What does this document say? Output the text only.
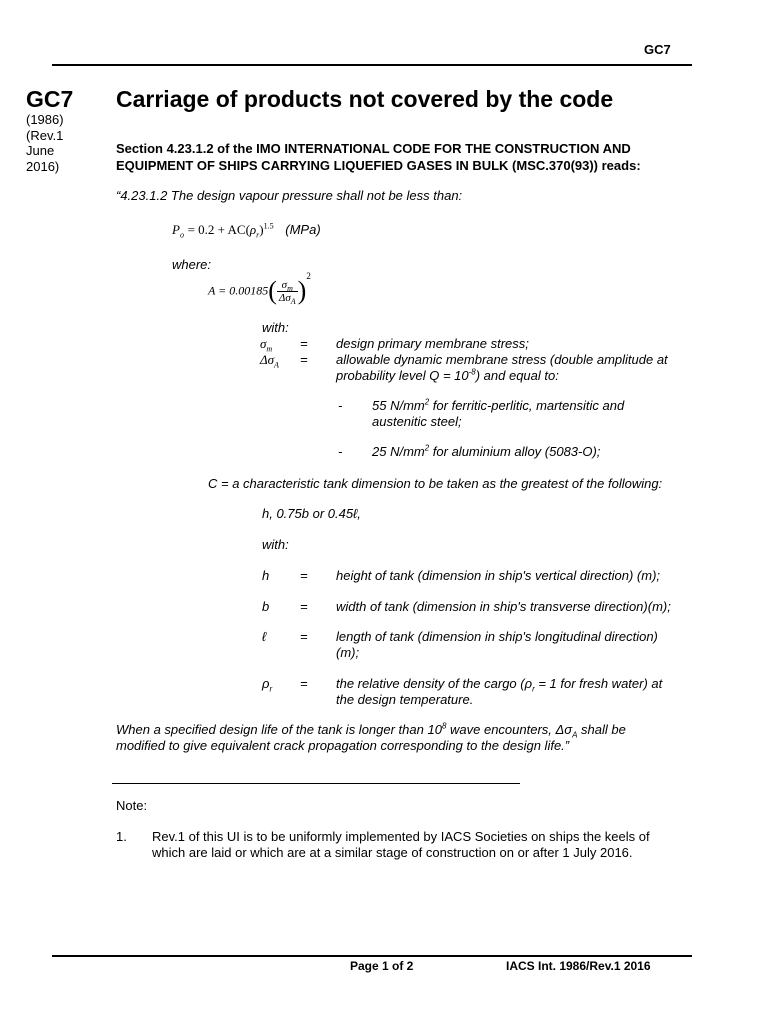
GC7
GC7
(1986)
(Rev.1
June
2016)
Carriage of products not covered by the code
Section 4.23.1.2 of the IMO INTERNATIONAL CODE FOR THE CONSTRUCTION AND EQUIPMENT OF SHIPS CARRYING LIQUEFIED GASES IN BULK (MSC.370(93)) reads:
“4.23.1.2 The design vapour pressure shall not be less than:
$P_o = 0.2 + AC(\rho_r)^{1.5}$ (MPa)
where:
$A = 0.00185( \frac{\sigma_m}{\Delta\sigma_A} )^2$
with:
$\sigma_m$ = design primary membrane stress;
$\Delta\sigma_A$ = allowable dynamic membrane stress (double amplitude at
probability level $Q = 10^{-8}$) and equal to:
- 55 $N/mm^2$ for ferritic-perlitic, martensitic and
austenitic steel;
- 25 $N/mm^2$ for aluminium alloy (5083-O);
C = a characteristic tank dimension to be taken as the greatest of the following:
h, 0.75b or 0.45ℓ,
with:
h = height of tank (dimension in ship's vertical direction) (m);
b = width of tank (dimension in ship's transverse direction)(m);
ℓ	= length of tank (dimension in ship's longitudinal direction)
(m);
$\rho_r$ = the relative density of the cargo ($\rho_r = 1$ for fresh water) at
the design temperature.
When a specified design life of the tank is longer than $10^8$ wave encounters, $\Delta\sigma_A$ shall be
modified to give equivalent crack propagation corresponding to the design life.”
Note:
1. Rev.1 of this UI is to be uniformly implemented by IACS Societies on ships the keels of
which are laid or which are at a similar stage of construction on or after 1 July 2016.
Page 1 of 2	IACS Int. 1986/Rev.1 2016
